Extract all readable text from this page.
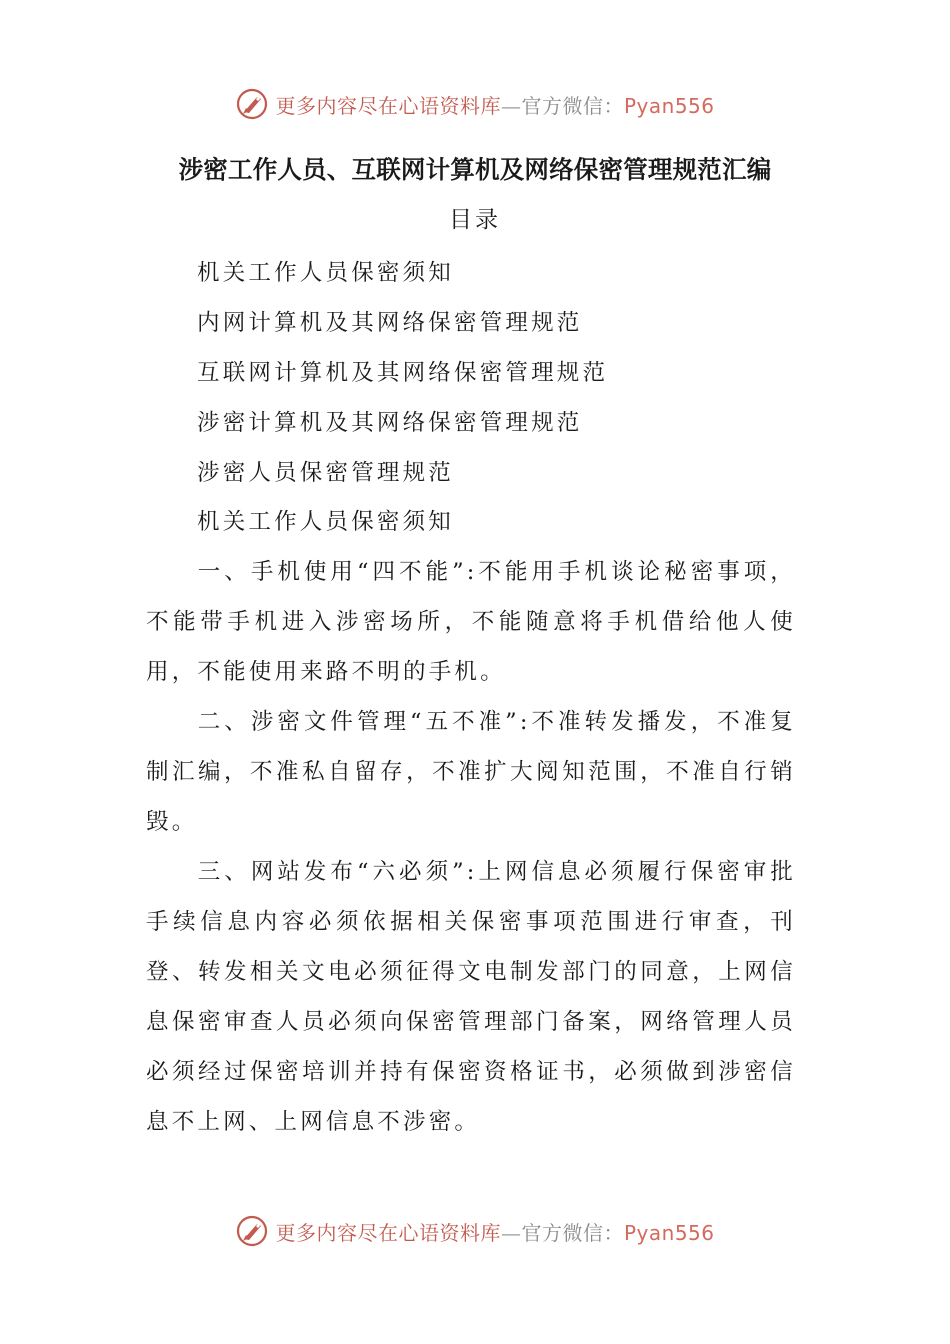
更多内容尽在心语资料库—官方微信：Pyan556
涉密工作人员、互联网计算机及网络保密管理规范汇编
目录
机关工作人员保密须知
内网计算机及其网络保密管理规范
互联网计算机及其网络保密管理规范
涉密计算机及其网络保密管理规范
涉密人员保密管理规范
机关工作人员保密须知

一、手机使用“四不能”:不能用手机谈论秘密事项，不能带手机进入涉密场所，不能随意将手机借给他人使用，不能使用来路不明的手机。

二、涉密文件管理“五不准”:不准转发播发，不准复制汇编，不准私自留存，不准扩大阅知范围，不准自行销毁。

三、网站发布“六必须”:上网信息必须履行保密审批手续信息内容必须依据相关保密事项范围进行审查，刊登、转发相关文电必须征得文电制发部门的同意，上网信息保密审查人员必须向保密管理部门备案，网络管理人员必须经过保密培训并持有保密资格证书，必须做到涉密信息不上网、上网信息不涉密。

更多内容尽在心语资料库—官方微信：Pyan556
